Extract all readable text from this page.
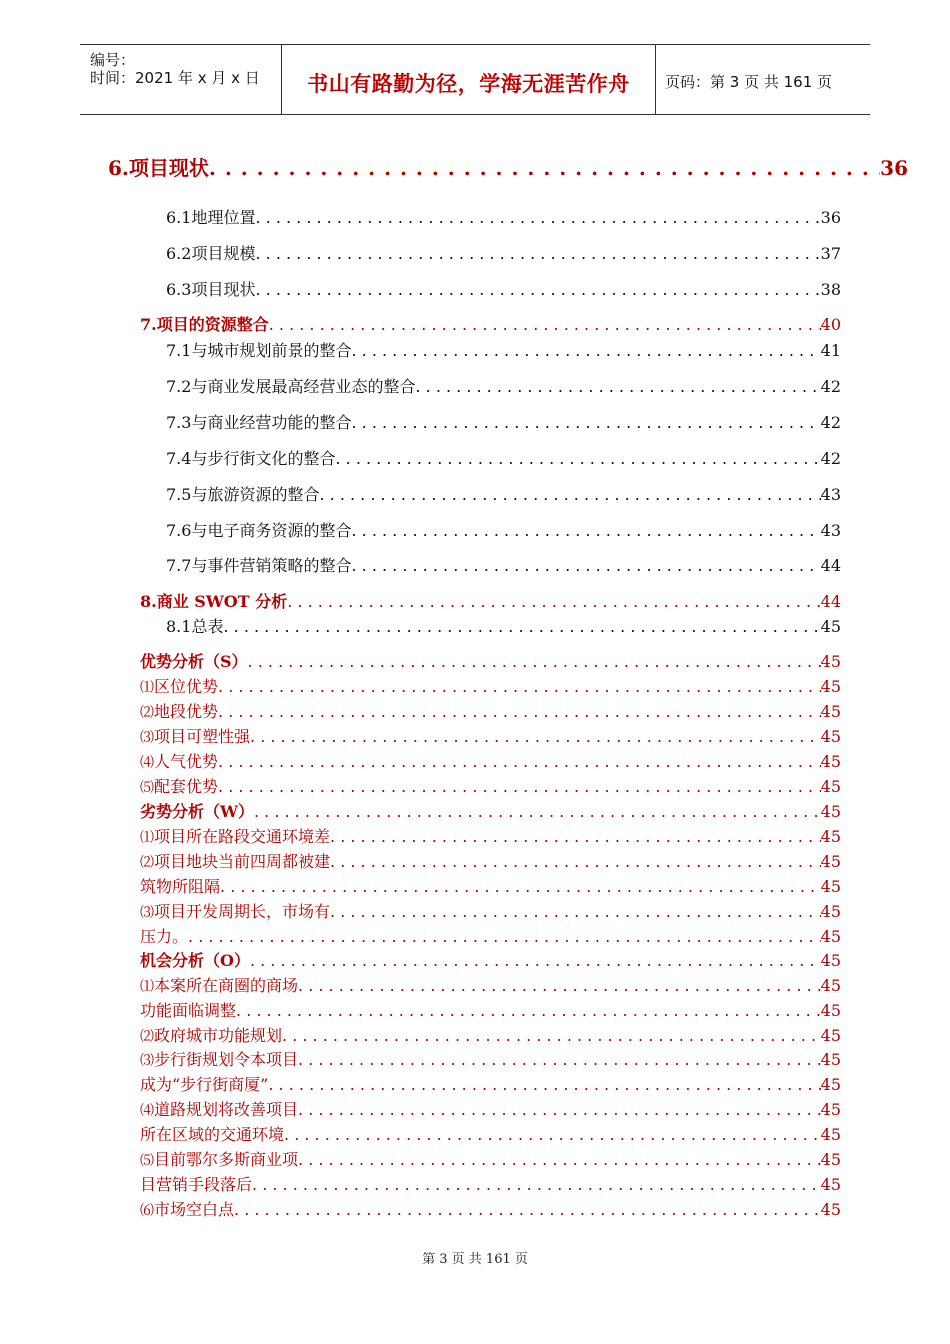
编号：
时间：2021 年 x 月 x 日	书山有路勤为径，学海无涯苦作舟	页码：第 3 页 共 161 页
6. 项目现状 . . .	36
6.1 地理位置 . . .	36
6.2 项目规模 . . .	37
6.3 项目现状 . . .	38
7. 项目的资源整合 . . .	40
7.1 与城市规划前景的整合 . . .	41
7.2 与商业发展最高经营业态的整合 . . .	42
7.3 与商业经营功能的整合 . . .	42
7.4 与步行街文化的整合 . . .	42
7.5 与旅游资源的整合 . . .	43
7.6 与电子商务资源的整合 . . .	43
7.7 与事件营销策略的整合 . . .	44
8. 商业 SWOT 分析 . . .	44
8.1 总表 . . .	45
优势分析（S） . . .	45
⑴ 区位优势 . . .	45
⑵ 地段优势 . . .	45
⑶ 项目可塑性强 . . .	45
⑷ 人气优势 . . .	45
⑸ 配套优势 . . .	45
劣势分析（W） . . .	45
⑴ 项目所在路段交通环境差 . . .	45
⑵ 项目地块当前四周都被建 . . .	45
筑物所阻隔 . . .	45
⑶ 项目开发周期长，市场有 . . .	45
压力。 . . .	45
机会分析（O） . . .	45
⑴ 本案所在商圈的商场 . . .	45
功能面临调整 . . .	45
⑵ 政府城市功能规划 . . .	45
⑶ 步行街规划令本项目 . . .	45
成为“步行街商厦” . . .	45
⑷ 道路规划将改善项目 . . .	45
所在区域的交通环境 . . .	45
⑸ 目前鄂尔多斯商业项 . . .	45
目营销手段落后 . . .	45
⑹ 市场空白点 . . .	45
第 3 页 共 161 页
